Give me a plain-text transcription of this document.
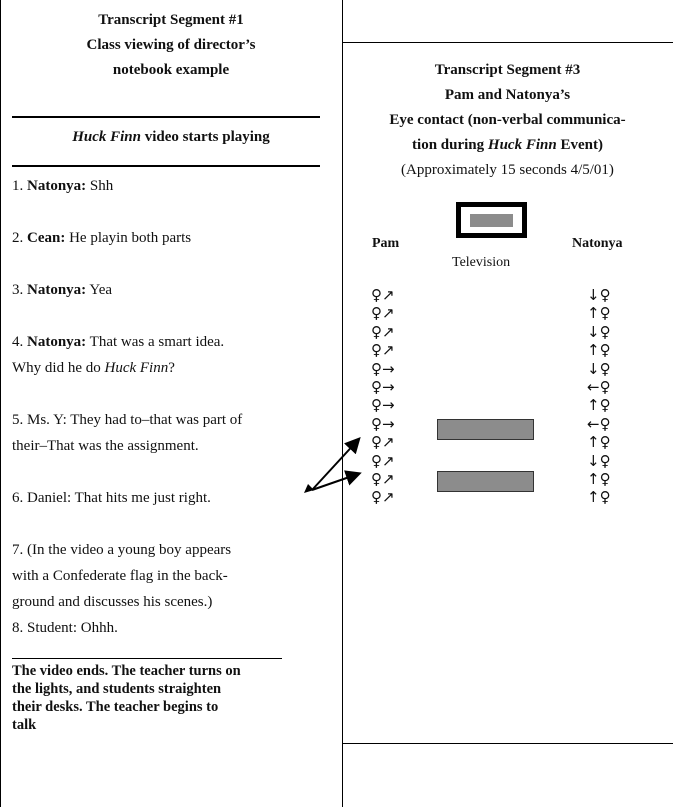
Transcript Segment #1
Class viewing of director’s
notebook example
Huck Finn video starts playing
1. Natonya: Shh
2. Cean: He playin both parts
3. Natonya: Yea
4. Natonya: That was a smart idea.
Why did he do Huck Finn?
5. Ms. Y: They had to–that was part of
their–That was the assignment.
6. Daniel: That hits me just right.
7. (In the video a young boy appears
with a Confederate flag in the back-
ground and discusses his scenes.)
8. Student: Ohhh.
The video ends. The teacher turns on
the lights, and students straighten
their desks. The teacher begins to
talk
Transcript Segment #3
Pam and Natonya’s
Eye contact (non-verbal communica-
tion during Huck Finn Event)
(Approximately 15 seconds 4/5/01)
Television
Pam	Natonya
♀↗
♀↗
♀↗
♀↗
♀→
♀→
♀→
♀→
♀↗
♀↗
♀↗
♀↗
↓♀
↑♀
↓♀
↑♀
↓♀
←♀
↑♀
←♀
↑♀
↓♀
↑♀
↑♀
